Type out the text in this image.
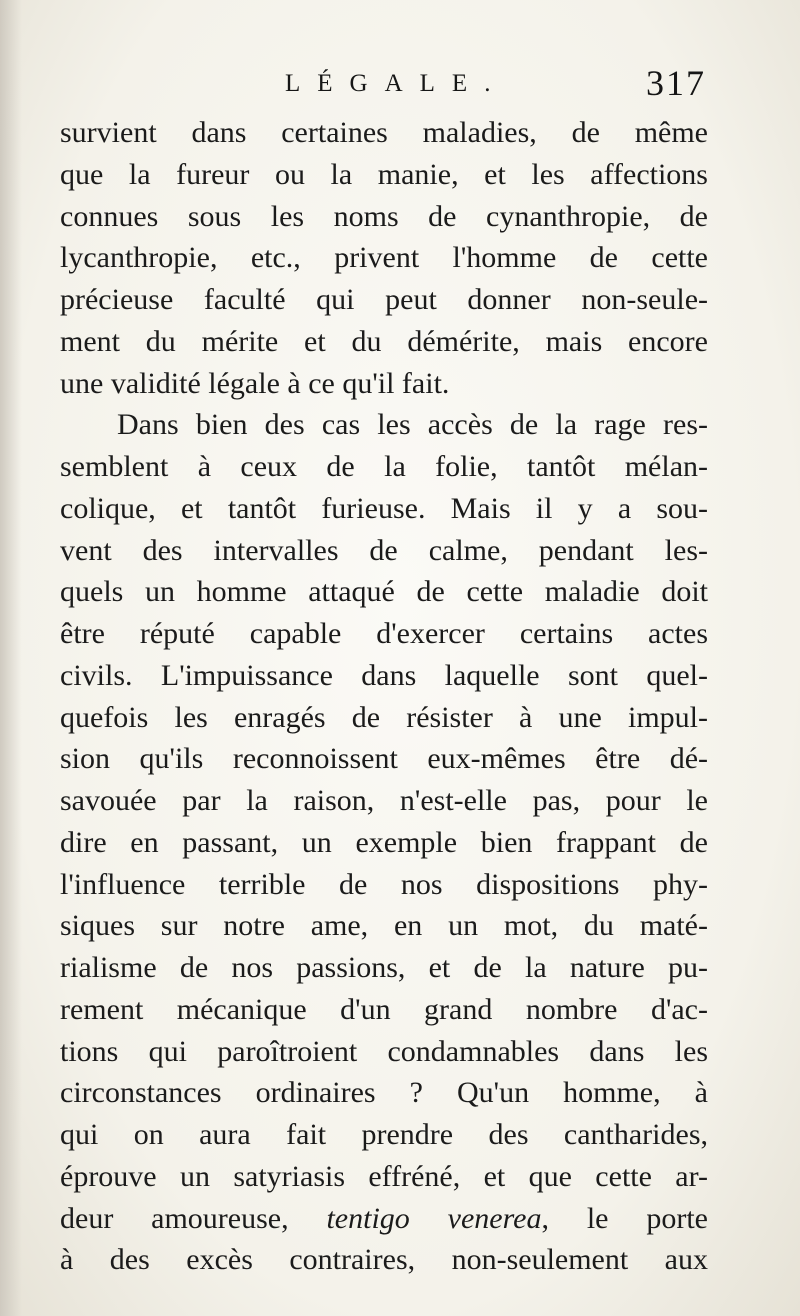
LÉGALE.	317
survient dans certaines maladies, de même
que la fureur ou la manie, et les affections
connues sous les noms de cynanthropie, de
lycanthropie, etc., privent l'homme de cette
précieuse faculté qui peut donner non-seule-
ment du mérite et du démérite, mais encore
une validité légale à ce qu'il fait.
Dans bien des cas les accès de la rage res-
semblent à ceux de la folie, tantôt mélan-
colique, et tantôt furieuse. Mais il y a sou-
vent des intervalles de calme, pendant les-
quels un homme attaqué de cette maladie doit
être réputé capable d'exercer certains actes
civils. L'impuissance dans laquelle sont quel-
quefois les enragés de résister à une impul-
sion qu'ils reconnoissent eux-mêmes être dé-
savouée par la raison, n'est-elle pas, pour le
dire en passant, un exemple bien frappant de
l'influence terrible de nos dispositions phy-
siques sur notre ame, en un mot, du maté-
rialisme de nos passions, et de la nature pu-
rement mécanique d'un grand nombre d'ac-
tions qui paroîtroient condamnables dans les
circonstances ordinaires ? Qu'un homme, à
qui on aura fait prendre des cantharides,
éprouve un satyriasis effréné, et que cette ar-
deur amoureuse, tentigo venerea, le porte
à des excès contraires, non-seulement aux
